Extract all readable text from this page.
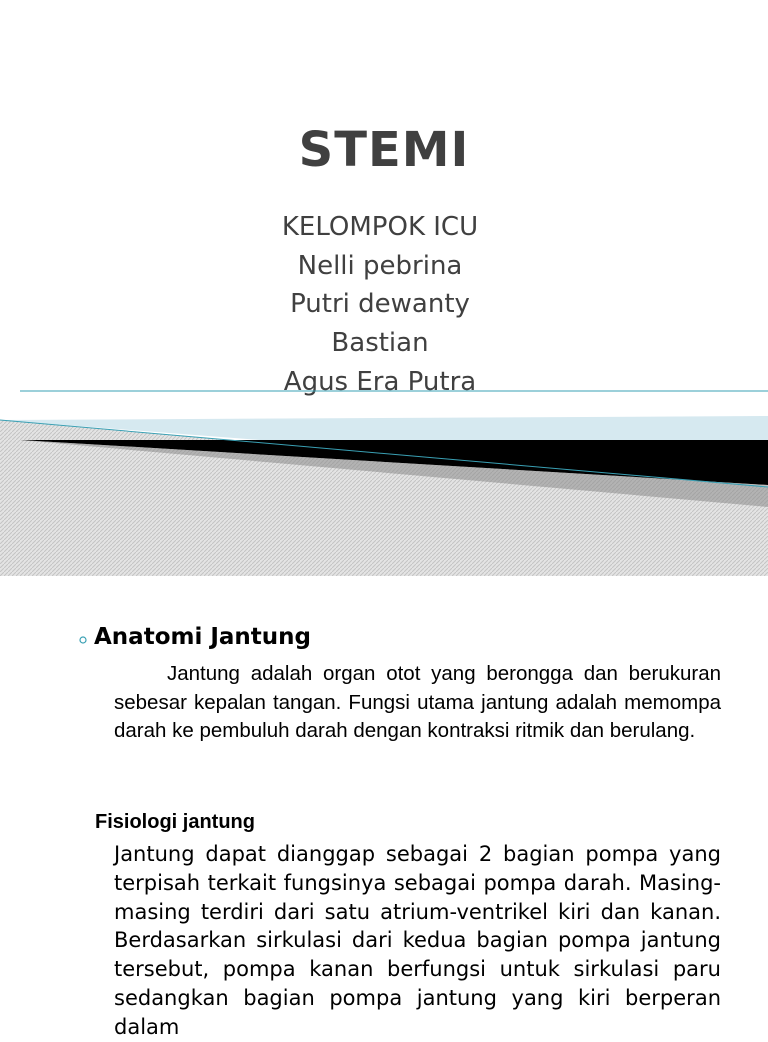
STEMI
KELOMPOK ICU
Nelli pebrina
Putri dewanty
Bastian
Agus Era Putra
Anatomi Jantung

Jantung adalah organ otot yang berongga dan berukuran sebesar kepalan tangan. Fungsi utama jantung adalah memompa darah ke pembuluh darah dengan kontraksi ritmik dan berulang.

Fisiologi jantung

Jantung dapat dianggap sebagai 2 bagian pompa yang terpisah terkait fungsinya sebagai pompa darah. Masing-masing terdiri dari satu atrium-ventrikel kiri dan kanan. Berdasarkan sirkulasi dari kedua bagian pompa jantung tersebut, pompa kanan berfungsi untuk sirkulasi paru sedangkan bagian pompa jantung yang kiri berperan dalam
